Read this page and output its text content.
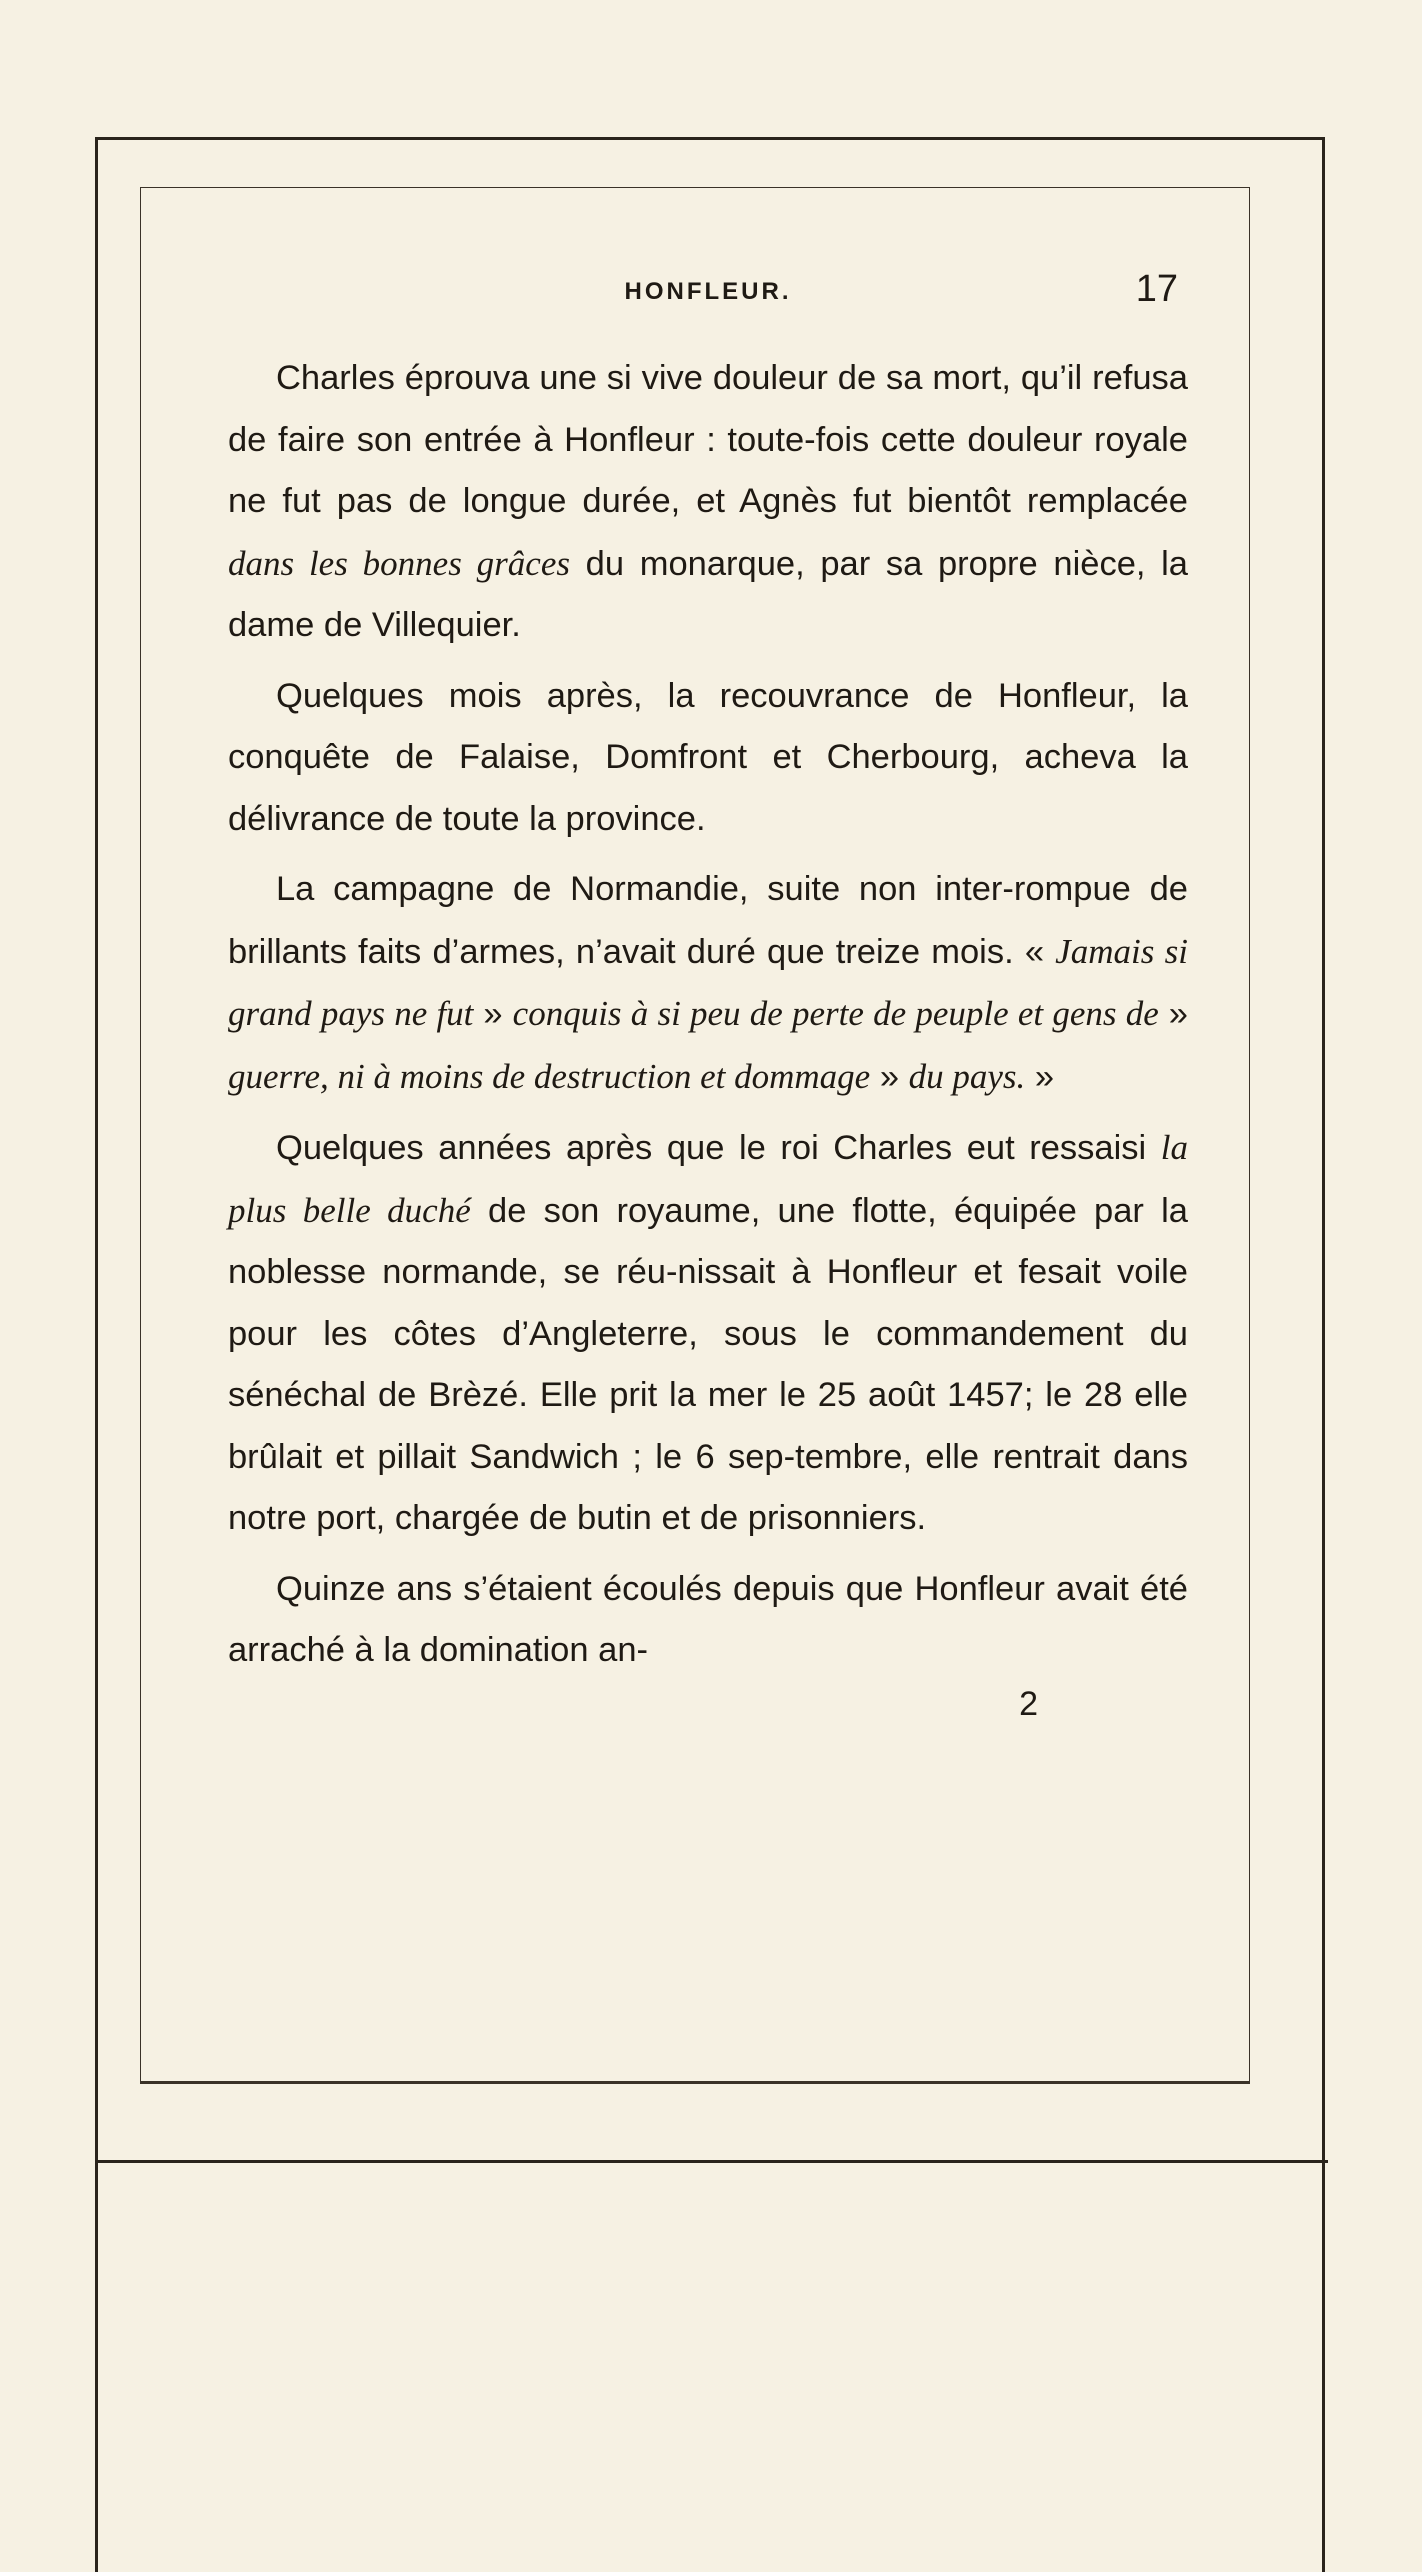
HONFLEUR.	17

Charles éprouva une si vive douleur de sa mort, qu’il refusa de faire son entrée à Honfleur : toute-fois cette douleur royale ne fut pas de longue durée, et Agnès fut bientôt remplacée dans les bonnes grâces du monarque, par sa propre nièce, la dame de Villequier.

Quelques mois après, la recouvrance de Honfleur, la conquête de Falaise, Domfront et Cherbourg, acheva la délivrance de toute la province.

La campagne de Normandie, suite non inter-rompue de brillants faits d’armes, n’avait duré que treize mois. « Jamais si grand pays ne fut » conquis à si peu de perte de peuple et gens de » guerre, ni à moins de destruction et dommage » du pays. »

Quelques années après que le roi Charles eut ressaisi la plus belle duché de son royaume, une flotte, équipée par la noblesse normande, se réu-nissait à Honfleur et fesait voile pour les côtes d’Angleterre, sous le commandement du sénéchal de Brèzé. Elle prit la mer le 25 août 1457; le 28 elle brûlait et pillait Sandwich ; le 6 sep-tembre, elle rentrait dans notre port, chargée de butin et de prisonniers.

Quinze ans s’étaient écoulés depuis que Honfleur avait été arraché à la domination an-

2
